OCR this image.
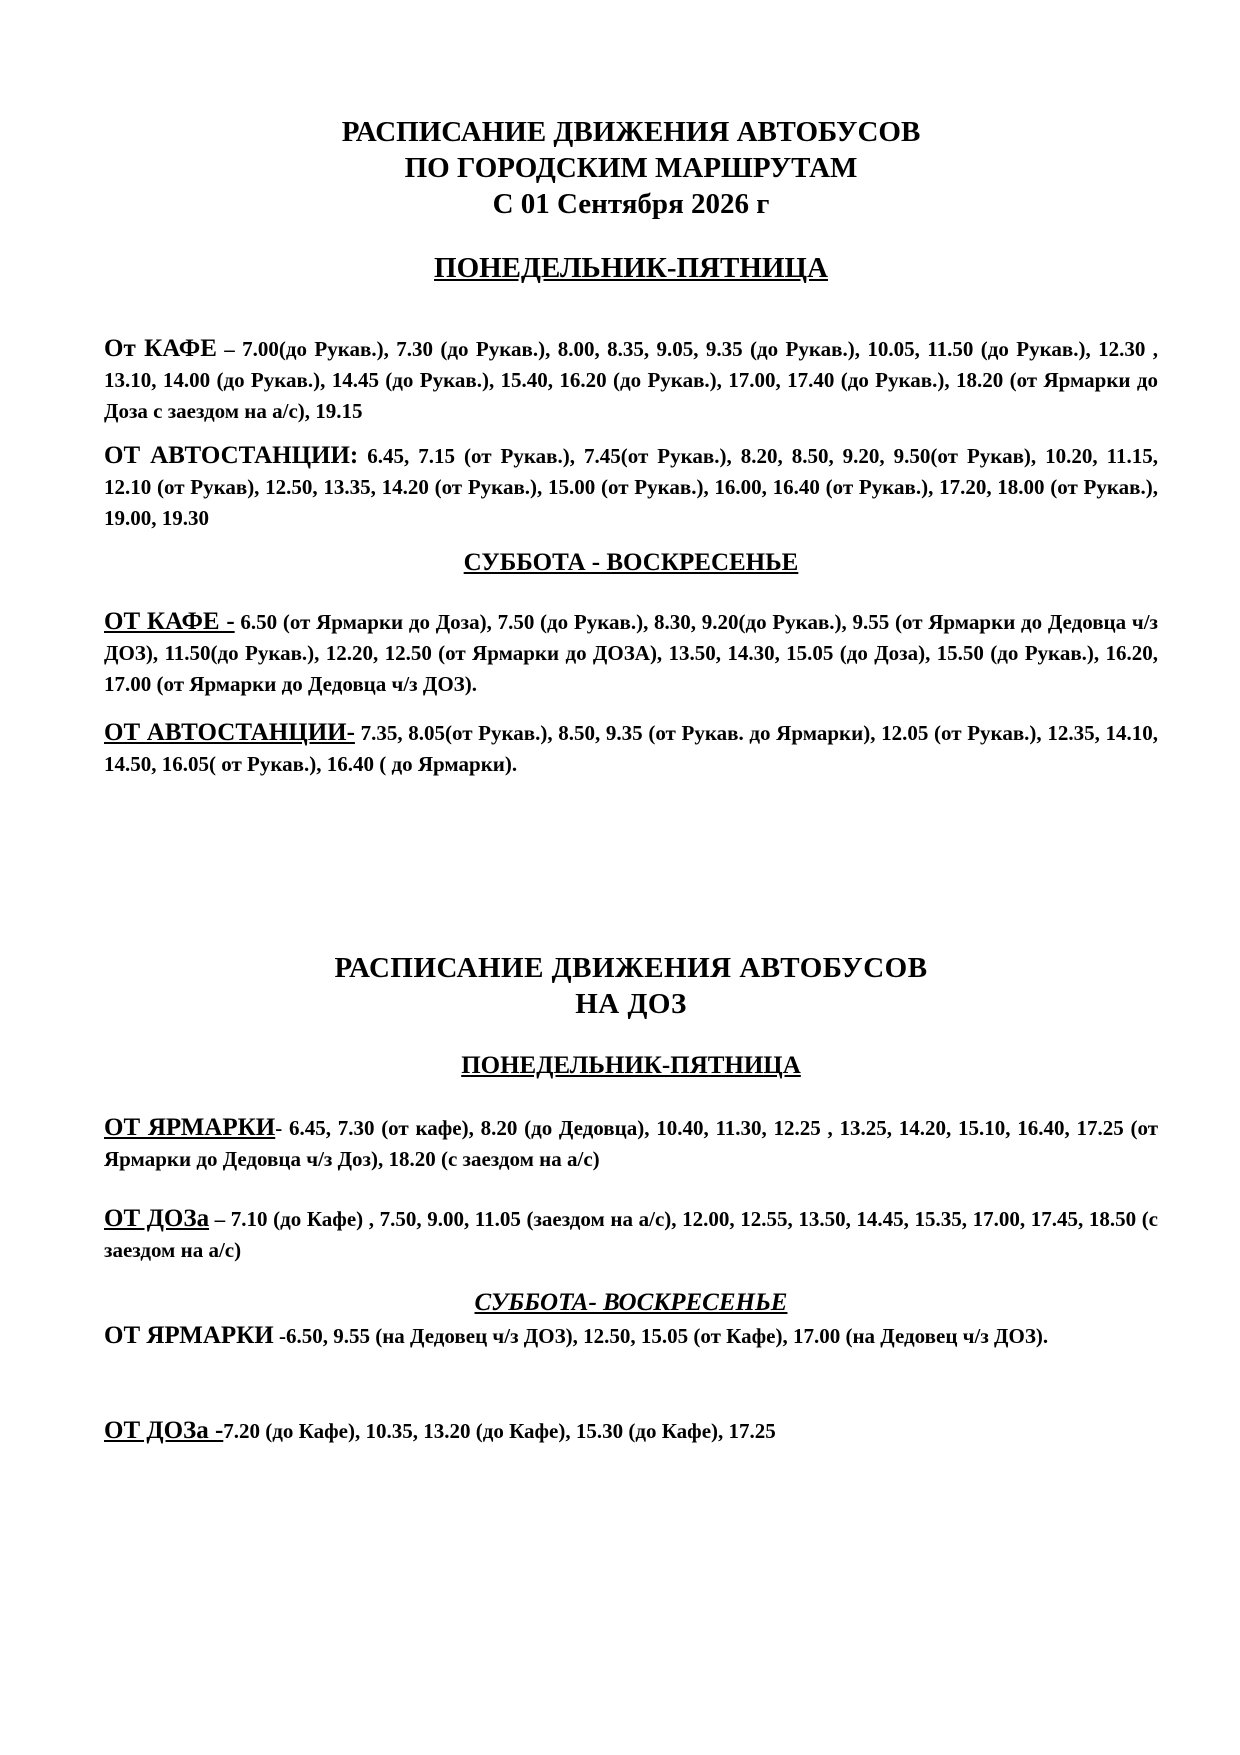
РАСПИСАНИЕ ДВИЖЕНИЯ АВТОБУСОВ
ПО ГОРОДСКИМ МАРШРУТАМ
С 01 Сентября 2026 г
ПОНЕДЕЛЬНИК-ПЯТНИЦА

От КАФЕ – 7.00(до Рукав.), 7.30 (до Рукав.), 8.00, 8.35, 9.05, 9.35 (до Рукав.), 10.05, 11.50 (до Рукав.), 12.30 , 13.10, 14.00 (до Рукав.), 14.45 (до Рукав.), 15.40, 16.20 (до Рукав.), 17.00, 17.40 (до Рукав.), 18.20 (от Ярмарки до Доза с заездом на а/с), 19.15

ОТ АВТОСТАНЦИИ: 6.45, 7.15 (от Рукав.), 7.45(от Рукав.), 8.20, 8.50, 9.20, 9.50(от Рукав), 10.20, 11.15, 12.10 (от Рукав), 12.50, 13.35, 14.20 (от Рукав.), 15.00 (от Рукав.), 16.00, 16.40 (от Рукав.), 17.20, 18.00 (от Рукав.), 19.00, 19.30

СУББОТА - ВОСКРЕСЕНЬЕ

ОТ КАФЕ - 6.50 (от Ярмарки до Доза), 7.50 (до Рукав.), 8.30, 9.20(до Рукав.), 9.55 (от Ярмарки до Дедовца ч/з ДОЗ), 11.50(до Рукав.), 12.20, 12.50 (от Ярмарки до ДОЗА), 13.50, 14.30, 15.05 (до Доза), 15.50 (до Рукав.), 16.20, 17.00 (от Ярмарки до Дедовца ч/з ДОЗ).

ОТ АВТОСТАНЦИИ- 7.35, 8.05(от Рукав.), 8.50, 9.35 (от Рукав. до Ярмарки), 12.05 (от Рукав.), 12.35, 14.10, 14.50, 16.05( от Рукав.), 16.40 ( до Ярмарки).

РАСПИСАНИЕ ДВИЖЕНИЯ АВТОБУСОВ
НА ДОЗ
ПОНЕДЕЛЬНИК-ПЯТНИЦА

ОТ ЯРМАРКИ- 6.45, 7.30 (от кафе), 8.20 (до Дедовца), 10.40, 11.30, 12.25 , 13.25, 14.20, 15.10, 16.40, 17.25 (от Ярмарки до Дедовца ч/з Доз), 18.20 (с заездом на а/с)

ОТ ДОЗа – 7.10 (до Кафе) , 7.50, 9.00, 11.05 (заездом на а/с), 12.00, 12.55, 13.50, 14.45, 15.35, 17.00, 17.45, 18.50 (с заездом на а/с)

СУББОТА- ВОСКРЕСЕНЬЕ

ОТ ЯРМАРКИ -6.50, 9.55 (на Дедовец ч/з ДОЗ), 12.50, 15.05 (от Кафе), 17.00 (на Дедовец ч/з ДОЗ).

ОТ ДОЗа -7.20 (до Кафе), 10.35, 13.20 (до Кафе), 15.30 (до Кафе), 17.25
